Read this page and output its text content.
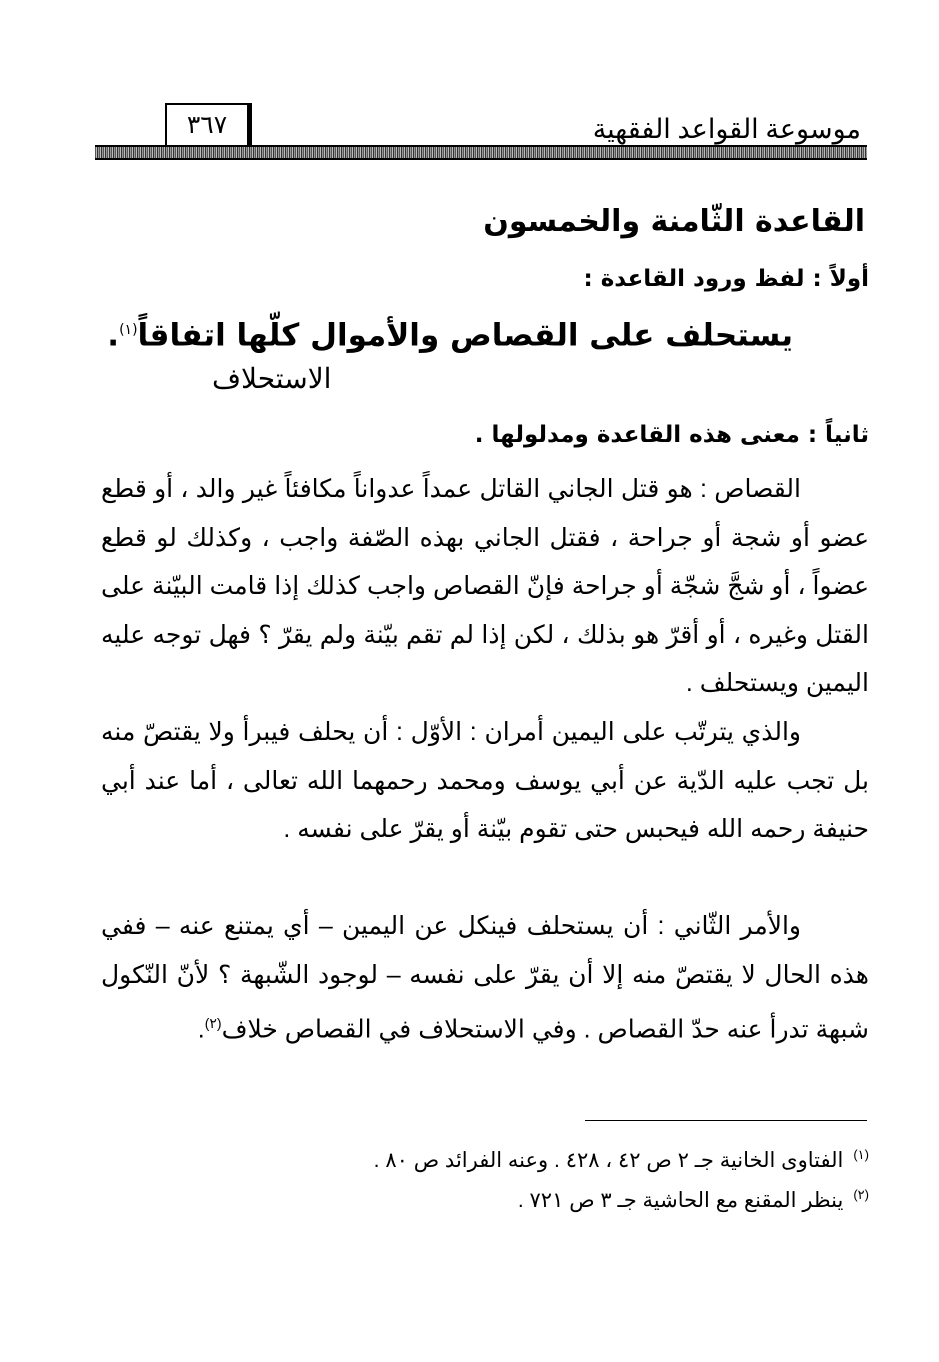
موسوعة القواعد الفقهية
٣٦٧
القاعدة الثّامنة والخمسون
أولاً : لفظ ورود القاعدة :
يستحلف على القصاص والأموال كلّها اتفاقاً$^{(١)}$.
الاستحلاف
ثانياً : معنى هذه القاعدة ومدلولها .
القصاص : هو قتل الجاني القاتل عمداً عدواناً مكافئاً غير والد ، أو قطع عضو أو شجة أو جراحة ، فقتل الجاني بهذه الصّفة واجب ، وكذلك لو قطع عضواً ، أو شجَّ شجّة أو جراحة فإنّ القصاص واجب كذلك إذا قامت البيّنة على القتل وغيره ، أو أقرّ هو بذلك ، لكن إذا لم تقم بيّنة ولم يقرّ ؟ فهل توجه عليه اليمين ويستحلف .
والذي يترتّب على اليمين أمران : الأوّل : أن يحلف فيبرأ ولا يقتصّ منه بل تجب عليه الدّية عن أبي يوسف ومحمد رحمهما الله تعالى ، أما عند أبي حنيفة رحمه الله فيحبس حتى تقوم بيّنة أو يقرّ على نفسه .
والأمر الثّاني : أن يستحلف فينكل عن اليمين – أي يمتنع عنه – ففي هذه الحال لا يقتصّ منه إلا أن يقرّ على نفسه – لوجود الشّبهة ؟ لأنّ النّكول شبهة تدرأ عنه حدّ القصاص . وفي الاستحلاف في القصاص خلاف$^{(٢)}$.
$^{(١)}$الفتاوى الخانية جـ ٢ ص ٤٢ ، ٤٢٨ . وعنه الفرائد ص ٨٠ .
$^{(٢)}$ينظر المقنع مع الحاشية جـ ٣ ص ٧٢١ .
